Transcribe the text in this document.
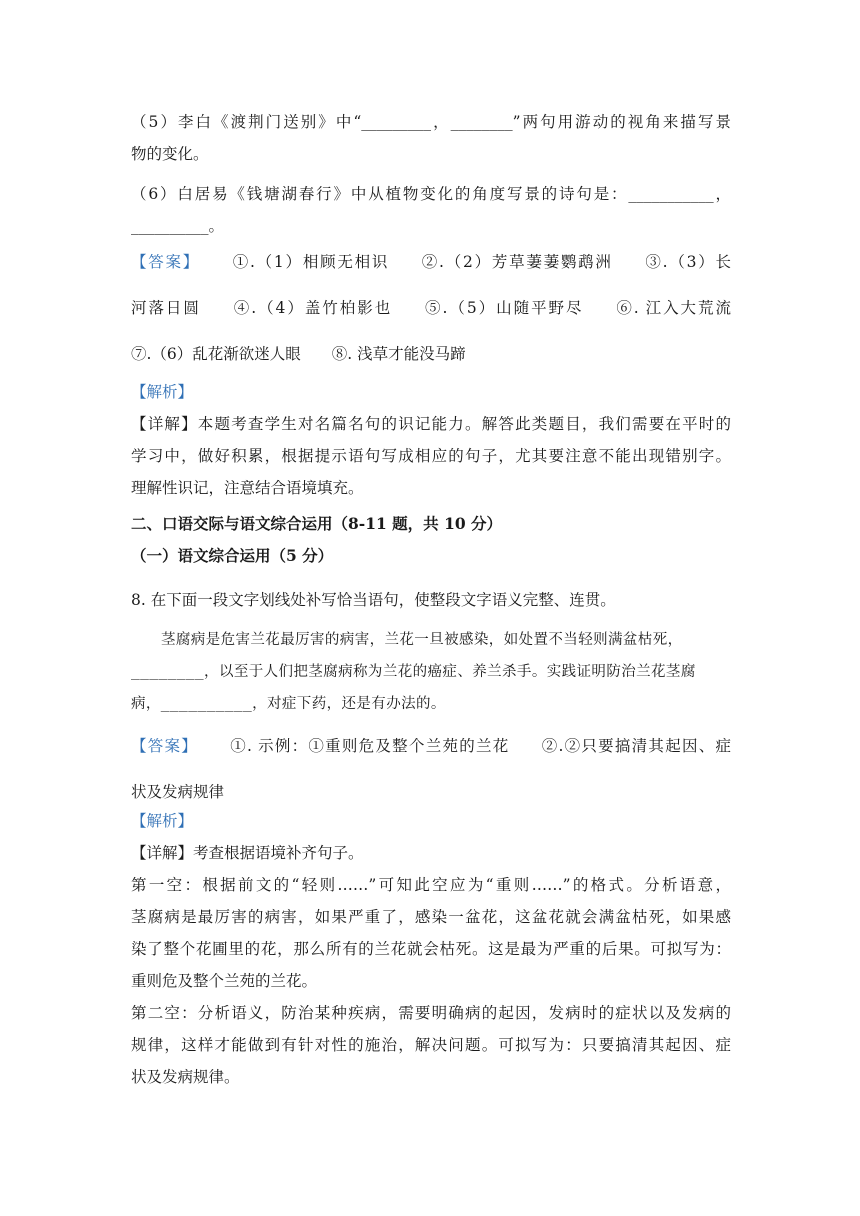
（5）李白《渡荆门送别》中“_________，________”两句用游动的视角来描写景
物的变化。
（6）白居易《钱塘湖春行》中从植物变化的角度写景的诗句是：___________，
__________。
【答案】 ①.（1）相顾无相识 ②.（2）芳草萋萋鹦鹉洲 ③.（3）长
河落日圆 ④.（4）盖竹柏影也 ⑤.（5）山随平野尽 ⑥. 江入大荒流
⑦.（6）乱花渐欲迷人眼 ⑧. 浅草才能没马蹄
【解析】
【详解】本题考查学生对名篇名句的识记能力。解答此类题目，我们需要在平时的
学习中，做好积累，根据提示语句写成相应的句子，尤其要注意不能出现错别字。
理解性识记，注意结合语境填充。
二、口语交际与语文综合运用（8-11 题，共 10 分）
（一）语文综合运用（5 分）
8. 在下面一段文字划线处补写恰当语句，使整段文字语义完整、连贯。
茎腐病是危害兰花最厉害的病害，兰花一旦被感染，如处置不当轻则满盆枯死，
________，以至于人们把茎腐病称为兰花的癌症、养兰杀手。实践证明防治兰花茎腐
病，__________，对症下药，还是有办法的。
【答案】 ①. 示例：①重则危及整个兰苑的兰花 ②.②只要搞清其起因、症
状及发病规律
【解析】
【详解】考查根据语境补齐句子。
第一空：根据前文的“轻则……”可知此空应为“重则……”的格式。分析语意，
茎腐病是最厉害的病害，如果严重了，感染一盆花，这盆花就会满盆枯死，如果感
染了整个花圃里的花，那么所有的兰花就会枯死。这是最为严重的后果。可拟写为：
重则危及整个兰苑的兰花。
第二空：分析语义，防治某种疾病，需要明确病的起因，发病时的症状以及发病的
规律，这样才能做到有针对性的施治，解决问题。可拟写为：只要搞清其起因、症
状及发病规律。
